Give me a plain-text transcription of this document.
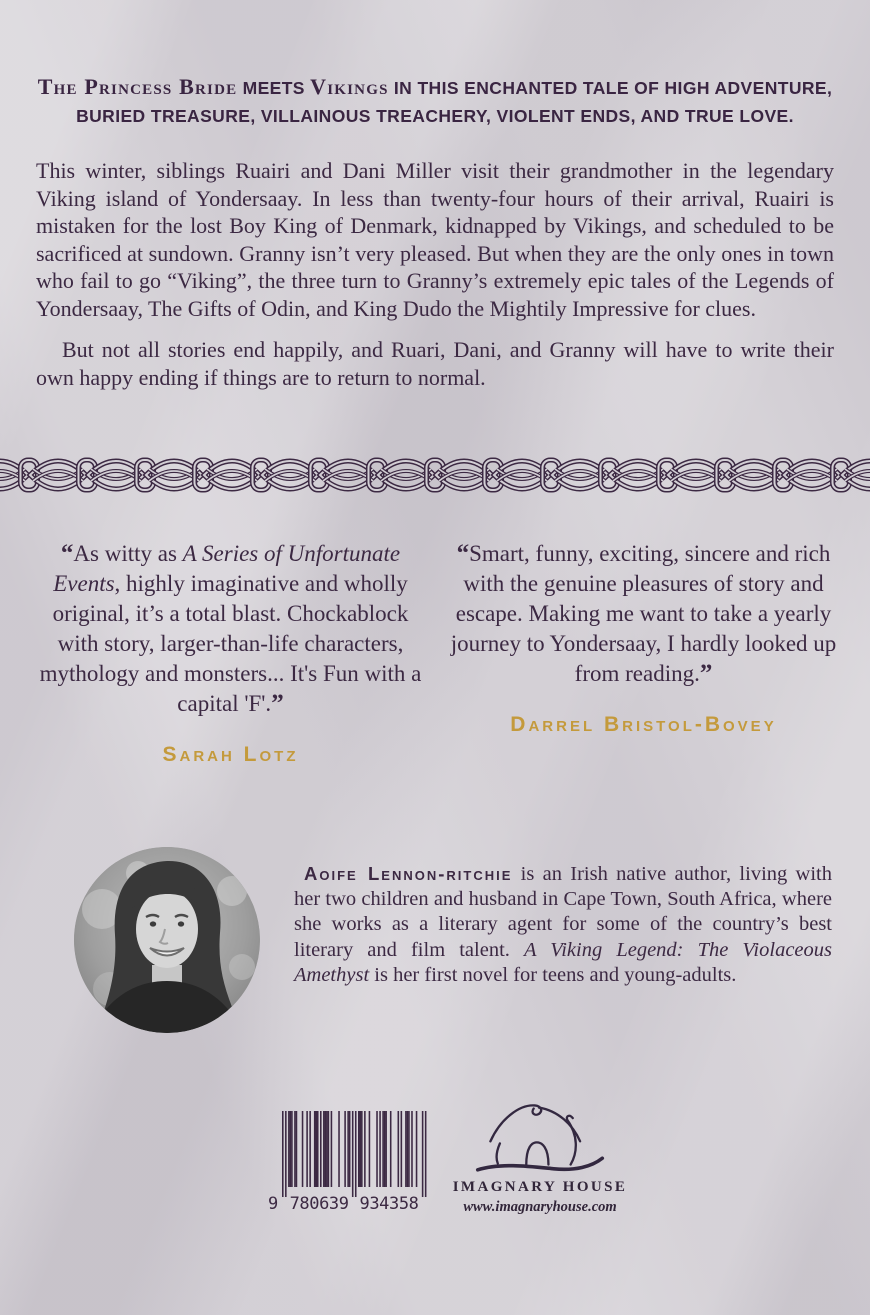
The Princess Bride MEETS Vikings IN THIS ENCHANTED TALE OF HIGH ADVENTURE, BURIED TREASURE, VILLAINOUS TREACHERY, VIOLENT ENDS, AND TRUE LOVE.

This winter, siblings Ruairi and Dani Miller visit their grandmother in the legendary Viking island of Yondersaay. In less than twenty-four hours of their arrival, Ruairi is mistaken for the lost Boy King of Denmark, kidnapped by Vikings, and scheduled to be sacrificed at sundown. Granny isn’t very pleased. But when they are the only ones in town who fail to go “Viking”, the three turn to Granny’s extremely epic tales of the Legends of Yondersaay, The Gifts of Odin, and King Dudo the Mightily Impressive for clues.

But not all stories end happily, and Ruari, Dani, and Granny will have to write their own happy ending if things are to return to normal.

“As witty as A Series of Unfortunate Events, highly imaginative and wholly original, it’s a total blast. Chockablock with story, larger-than-life characters, mythology and monsters... It's Fun with a capital 'F'.”
Sarah Lotz
“Smart, funny, exciting, sincere and rich with the genuine pleasures of story and escape. Making me want to take a yearly journey to Yondersaay, I hardly looked up from reading.”
Darrel Bristol-Bovey

Aoife Lennon-ritchie is an Irish native author, living with her two children and husband in Cape Town, South Africa, where she works as a literary agent for some of the country’s best literary and film talent. A Viking Legend: The Violaceous Amethyst is her first novel for teens and young-adults.

9 780639 934358
IMAGNARY HOUSE
www.imagnaryhouse.com
